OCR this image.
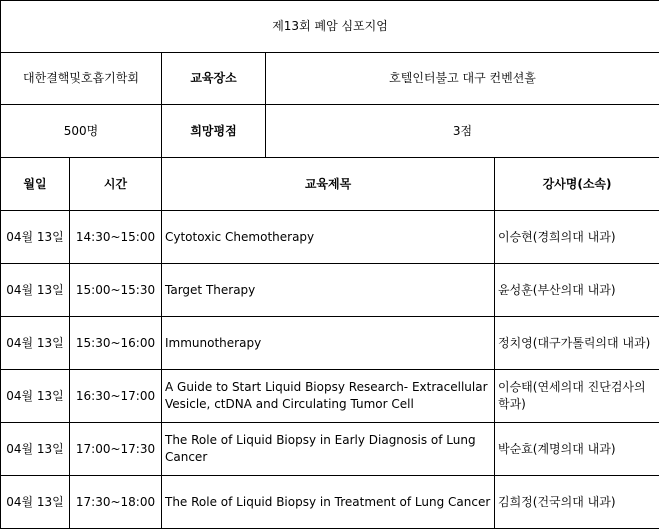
제13회 폐암 심포지엄				
대한결핵및호흡기학회		교육장소	호텔인터불고 대구 컨벤션홀	
500명		희망평점	3점	
월일	시간	교육제목		강사명(소속)
04월 13일	14:30~15:00	Cytotoxic Chemotherapy		이승현(경희의대 내과)
04월 13일	15:00~15:30	Target Therapy		윤성훈(부산의대 내과)
04월 13일	15:30~16:00	Immunotherapy		정치영(대구가톨릭의대 내과)
04월 13일	16:30~17:00	A Guide to Start Liquid Biopsy Research- Extracellular Vesicle, ctDNA and Circulating Tumor Cell		이승태(연세의대 진단검사의학과)
04월 13일	17:00~17:30	The Role of Liquid Biopsy in Early Diagnosis of Lung Cancer		박순효(계명의대 내과)
04월 13일	17:30~18:00	The Role of Liquid Biopsy in Treatment of Lung Cancer		김희정(건국의대 내과)
